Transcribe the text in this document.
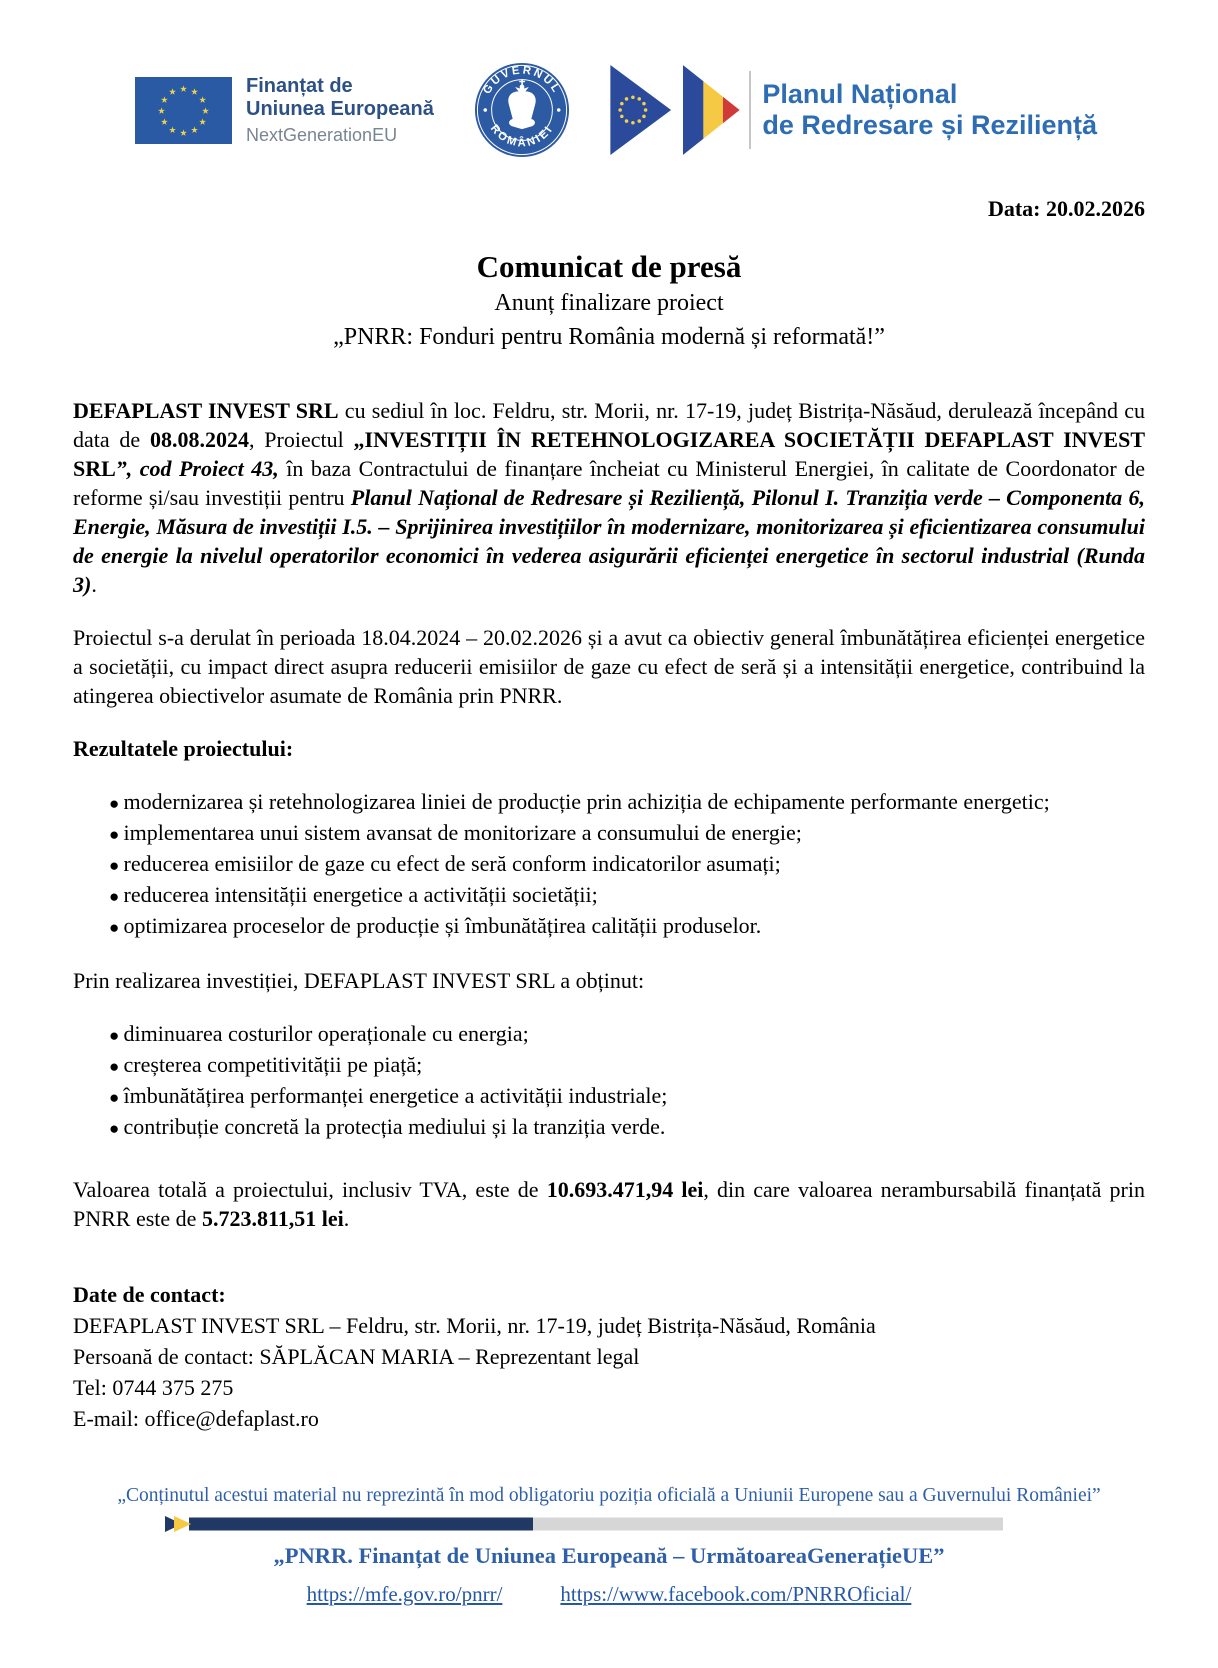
Finanțat de
Uniunea Europeană
NextGenerationEU
GUVERNUL
ROMÂNIEI
Planul Național
de Redresare și Reziliență
Data: 20.02.2026
Comunicat de presă
Anunț finalizare proiect
„PNRR: Fonduri pentru România modernă și reformată!”

DEFAPLAST INVEST SRL cu sediul în loc. Feldru, str. Morii, nr. 17-19, județ Bistrița-Năsăud, derulează începând cu data de 08.08.2024, Proiectul „INVESTIȚII ÎN RETEHNOLOGIZAREA SOCIETĂȚII DEFAPLAST INVEST SRL”, cod Proiect 43, în baza Contractului de finanțare încheiat cu Ministerul Energiei, în calitate de Coordonator de reforme și/sau investiții pentru Planul Național de Redresare și Reziliență, Pilonul I. Tranziția verde – Componenta 6, Energie, Măsura de investiții I.5. – Sprijinirea investițiilor în modernizare, monitorizarea și eficientizarea consumului de energie la nivelul operatorilor economici în vederea asigurării eficienței energetice în sectorul industrial (Runda 3).

Proiectul s-a derulat în perioada 18.04.2024 – 20.02.2026 și a avut ca obiectiv general îmbunătățirea eficienței energetice a societății, cu impact direct asupra reducerii emisiilor de gaze cu efect de seră și a intensității energetice, contribuind la atingerea obiectivelor asumate de România prin PNRR.

Rezultatele proiectului:
● modernizarea și retehnologizarea liniei de producție prin achiziția de echipamente performante energetic;
● implementarea unui sistem avansat de monitorizare a consumului de energie;
● reducerea emisiilor de gaze cu efect de seră conform indicatorilor asumați;
● reducerea intensității energetice a activității societății;
● optimizarea proceselor de producție și îmbunătățirea calității produselor.

Prin realizarea investiției, DEFAPLAST INVEST SRL a obținut:

● diminuarea costurilor operaționale cu energia;
● creșterea competitivității pe piață;
● îmbunătățirea performanței energetice a activității industriale;
● contribuție concretă la protecția mediului și la tranziția verde.

Valoarea totală a proiectului, inclusiv TVA, este de 10.693.471,94 lei, din care valoarea nerambursabilă finanțată prin PNRR este de 5.723.811,51 lei.

Date de contact:
DEFAPLAST INVEST SRL – Feldru, str. Morii, nr. 17-19, județ Bistrița-Năsăud, România
Persoană de contact: SĂPLĂCAN MARIA – Reprezentant legal
Tel: 0744 375 275
E-mail: office@defaplast.ro
„Conținutul acestui material nu reprezintă în mod obligatoriu poziția oficială a Uniunii Europene sau a Guvernului României”
„PNRR. Finanțat de Uniunea Europeană – UrmătoareaGenerațieUE”
https://mfe.gov.ro/pnrr/	https://www.facebook.com/PNRROficial/
